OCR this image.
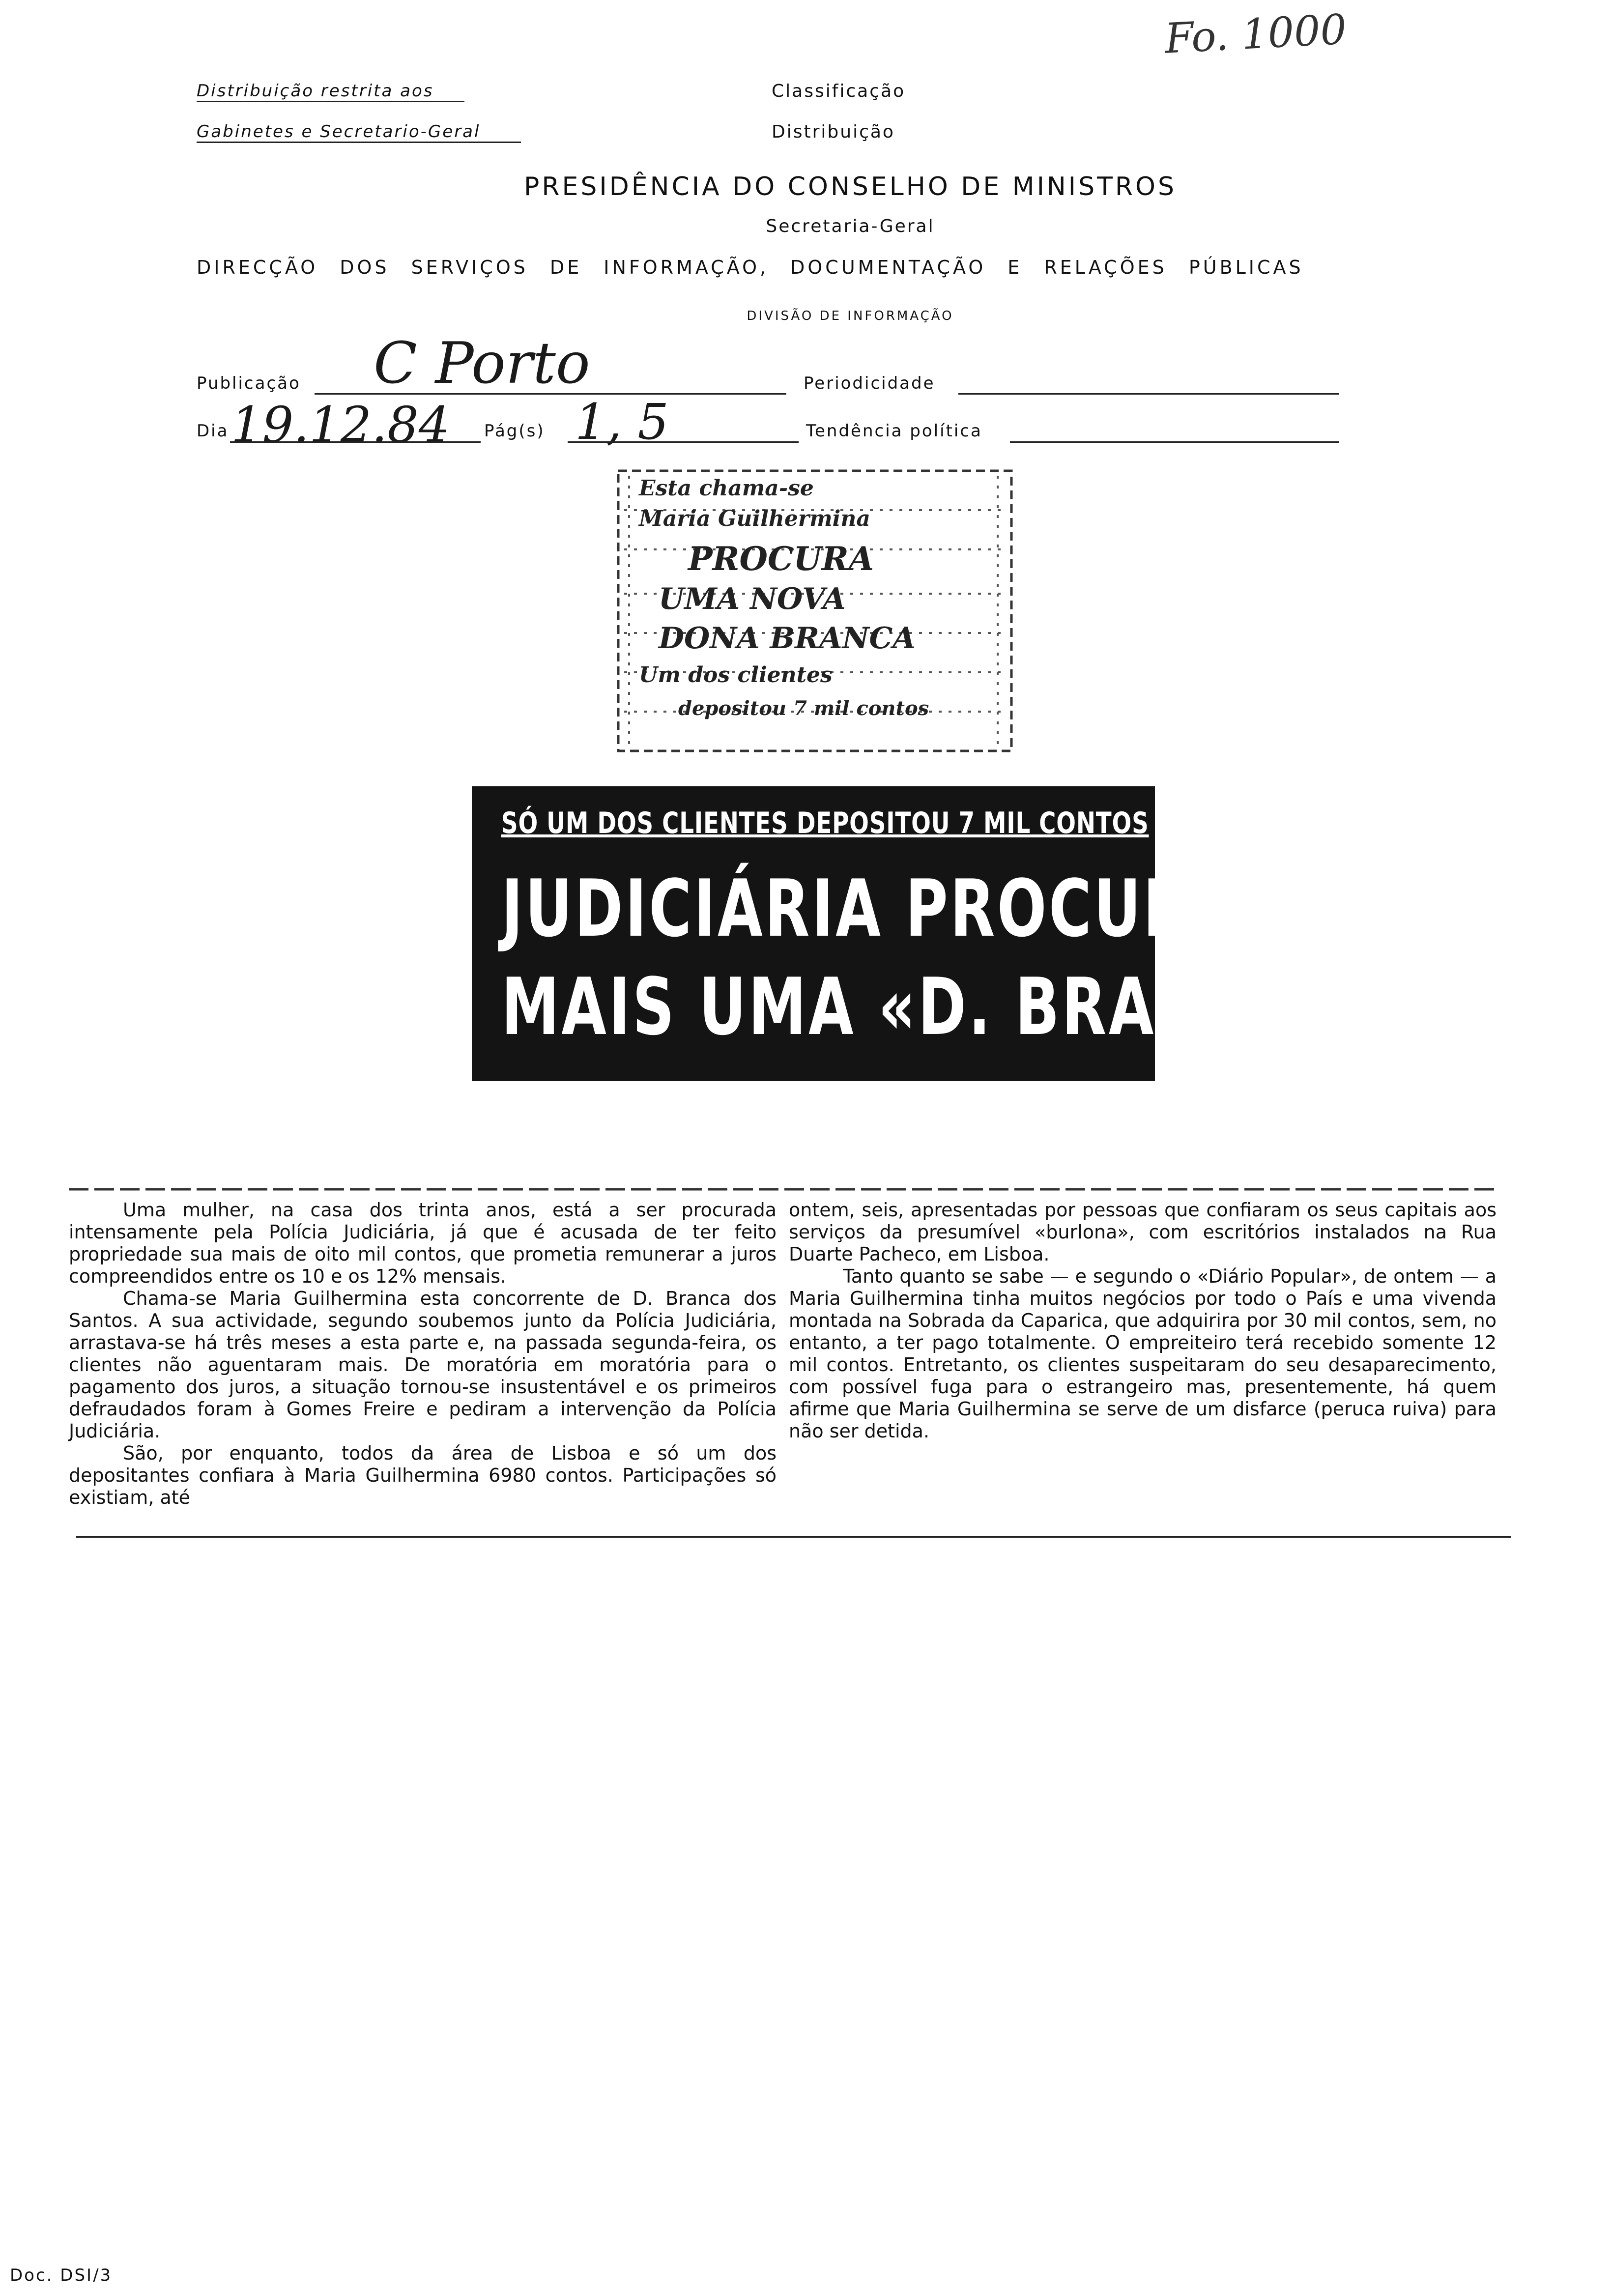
Fo. 1000
Distribuição restrita aos
Gabinetes e Secretario-Geral
Classificação
Distribuição
PRESIDÊNCIA DO CONSELHO DE MINISTROS
Secretaria-Geral
DIRECÇÃO DOS SERVIÇOS DE INFORMAÇÃO, DOCUMENTAÇÃO E RELAÇÕES PÚBLICAS
DIVISÃO DE INFORMAÇÃO
Publicação C Porto	Periodicidade
Dia 19.12.84 Pág(s) 1, 5	Tendência política
Esta chama-se
Maria Guilhermina
PROCURA
UMA NOVA
DONA BRANCA
Um dos clientes
depositou 7 mil contos
SÓ UM DOS CLIENTES DEPOSITOU 7 MIL CONTOS
JUDICIÁRIA PROCURA
MAIS UMA «D. BRANCA»

Uma mulher, na casa dos trinta anos, está a ser procurada intensamente pela Polícia Judiciária, já que é acusada de ter feito propriedade sua mais de oito mil contos, que prometia remunerar a juros compreendidos entre os 10 e os 12% mensais.

Chama-se Maria Guilhermina esta concorrente de D. Branca dos Santos. A sua actividade, segundo soubemos junto da Polícia Judiciária, arrastava-se há três meses a esta parte e, na passada segunda-feira, os clientes não aguentaram mais. De moratória em moratória para o pagamento dos juros, a situação tornou-se insustentável e os primeiros defraudados foram à Gomes Freire e pediram a intervenção da Polícia Judiciária.

São, por enquanto, todos da área de Lisboa e só um dos depositantes confiara à Maria Guilhermina 6980 contos. Participações só existiam, até

ontem, seis, apresentadas por pessoas que confiaram os seus capitais aos serviços da presumível «burlona», com escritórios instalados na Rua Duarte Pacheco, em Lisboa.

Tanto quanto se sabe — e segundo o «Diário Popular», de ontem — a Maria Guilhermina tinha muitos negócios por todo o País e uma vivenda montada na Sobrada da Caparica, que adquirira por 30 mil contos, sem, no entanto, a ter pago totalmente. O empreiteiro terá recebido somente 12 mil contos. Entretanto, os clientes suspeitaram do seu desaparecimento, com possível fuga para o estrangeiro mas, presentemente, há quem afirme que Maria Guilhermina se serve de um disfarce (peruca ruiva) para não ser detida.

Doc. DSI/3
